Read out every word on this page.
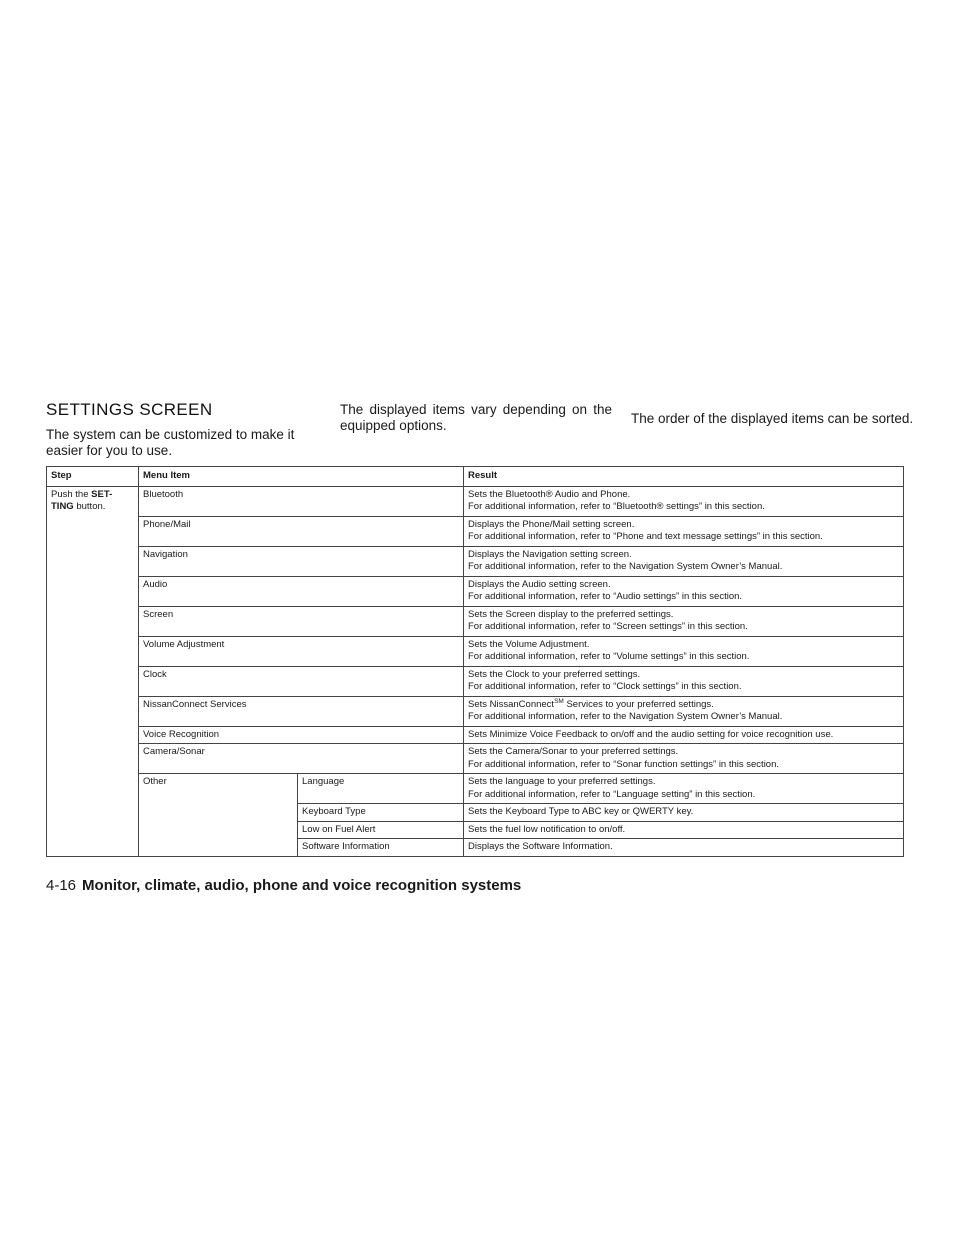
SETTINGS SCREEN

The system can be customized to make it easier for you to use.

The displayed items vary depending on the equipped options.	The order of the displayed items can be sorted.

Step	Menu Item		Result
Push the SET-TING button.	Bluetooth		Sets the Bluetooth® Audio and Phone.
For additional information, refer to “Bluetooth® settings” in this section.

	Phone/Mail		Displays the Phone/Mail setting screen.
For additional information, refer to “Phone and text message settings” in this section.

	Navigation		Displays the Navigation setting screen.
For additional information, refer to the Navigation System Owner’s Manual.

	Audio		Displays the Audio setting screen.
For additional information, refer to “Audio settings” in this section.

	Screen		Sets the Screen display to the preferred settings.
For additional information, refer to “Screen settings” in this section.

	Volume Adjustment		Sets the Volume Adjustment.
For additional information, refer to “Volume settings” in this section.

	Clock		Sets the Clock to your preferred settings.
For additional information, refer to “Clock settings” in this section.

	NissanConnect Services		Sets NissanConnect℠ Services to your preferred settings.
For additional information, refer to the Navigation System Owner’s Manual.

	Voice Recognition		Sets Minimize Voice Feedback to on/off and the audio setting for voice recognition use.

	Camera/Sonar		Sets the Camera/Sonar to your preferred settings.
For additional information, refer to “Sonar function settings” in this section.

	Other	Language	Sets the language to your preferred settings.
For additional information, refer to “Language setting” in this section.

		Keyboard Type	Sets the Keyboard Type to ABC key or QWERTY key.

		Low on Fuel Alert	Sets the fuel low notification to on/off.

		Software Information	Displays the Software Information.
4-16 Monitor, climate, audio, phone and voice recognition systems
